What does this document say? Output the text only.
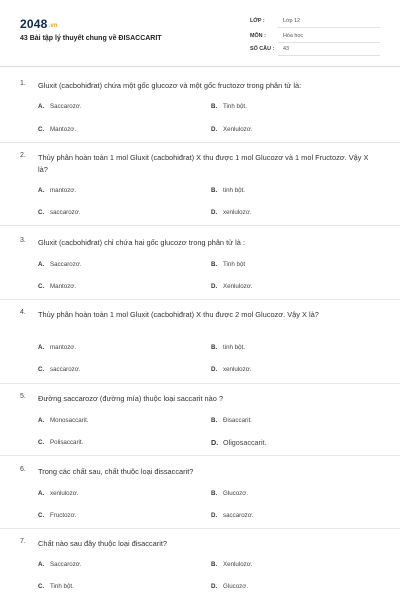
2048.vn
43 Bài tập lý thuyết chung về ĐISACCARIT
LỚP :	Lớp 12
MÔN :	Hóa học
SỐ CÂU : 43
1. Gluxit (cacbohiđrat) chứa một gốc glucozơ và một gốc fructozơ trong phân tử là:
A. Saccarozơ.	B. Tinh bột.
C. Mantozơ.	D. Xenlulozơ.
2. Thủy phân hoàn toàn 1 mol Gluxit (cacbohiđrat) X thu được 1 mol Glucozơ và 1 mol Fructozơ. Vậy X là?
A. mantozơ.	B. tinh bột.
C. saccarozơ.	D. xenlulozơ.
3. Gluxit (cacbohiđrat) chỉ chứa hai gốc glucozơ trong phân tử là :
A. Saccarozơ.	B. Tinh bột
C. Mantozơ.	D. Xenlulozơ.
4. Thủy phân hoàn toàn 1 mol Gluxit (cacbohiđrat) X thu được 2 mol Glucozơ. Vậy X là?
A. mantozơ.	B. tinh bột.
C. saccarozơ.	D. xenlulozơ.
5. Đường saccarozơ (đường mía) thuộc loại saccarit nào ?
A. Monosaccarit.	B. Đisaccarit.
C. Polisaccarit.	D. Oligosaccarit.
6. Trong các chất sau, chất thuộc loại đissaccarit?
A. xenlulozơ.	B. Glucozơ.
C. Fructozơ.	D. saccarozơ.
7. Chất nào sau đây thuộc loại đisaccarit?
A. Saccarozơ.	B. Xenlulozơ.
C. Tinh bột.	D. Glucozơ.
